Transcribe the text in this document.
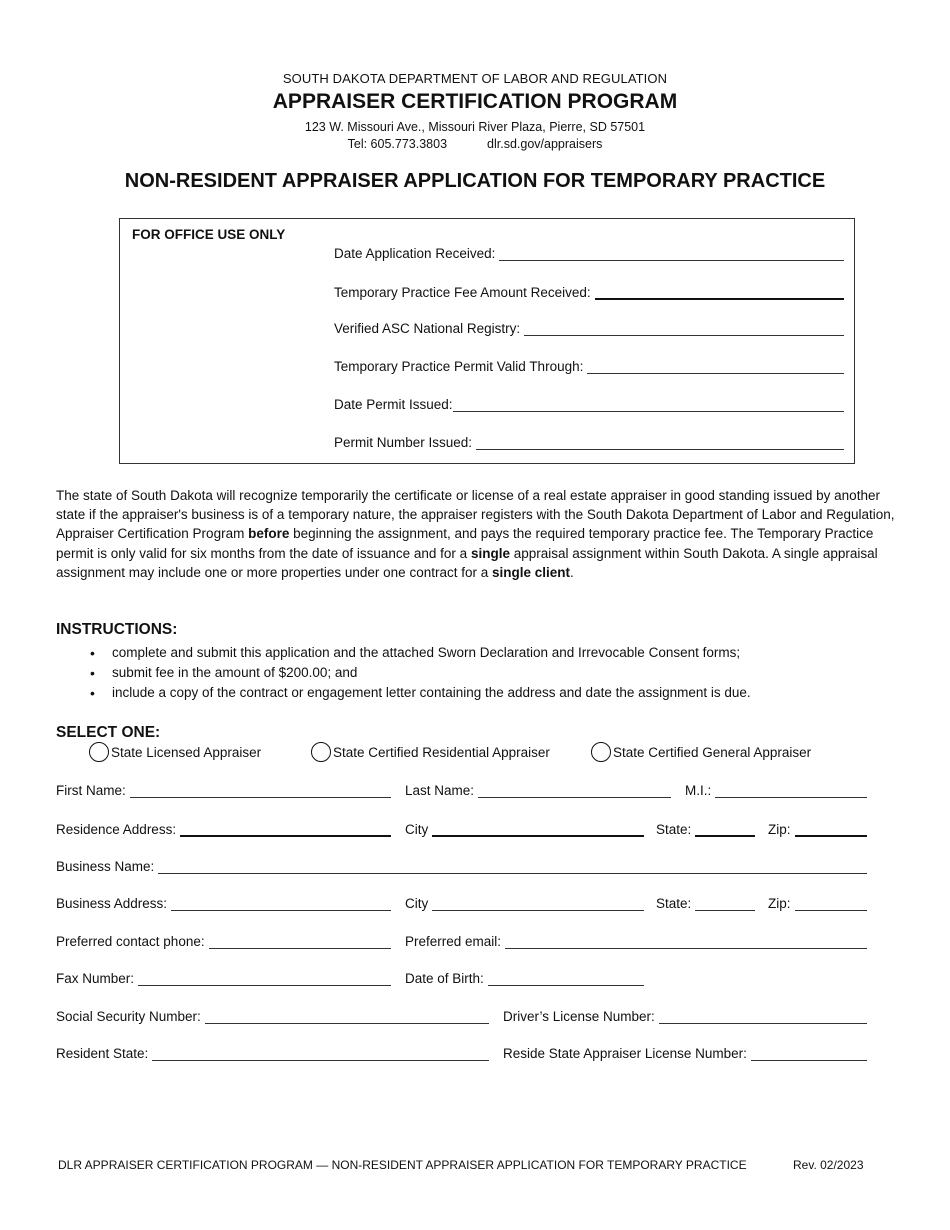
SOUTH DAKOTA DEPARTMENT OF LABOR AND REGULATION
APPRAISER CERTIFICATION PROGRAM
123 W. Missouri Ave., Missouri River Plaza, Pierre, SD 57501
Tel: 605.773.3803	dlr.sd.gov/appraisers
NON-RESIDENT APPRAISER APPLICATION FOR TEMPORARY PRACTICE
FOR OFFICE USE ONLY
Date Application Received:
Temporary Practice Fee Amount Received:
Verified ASC National Registry:
Temporary Practice Permit Valid Through:
Date Permit Issued:
Permit Number Issued:
The state of South Dakota will recognize temporarily the certificate or license of a real estate appraiser in good standing issued by another state if the appraiser's business is of a temporary nature, the appraiser registers with the South Dakota Department of Labor and Regulation, Appraiser Certification Program before beginning the assignment, and pays the required temporary practice fee. The Temporary Practice permit is only valid for six months from the date of issuance and for a single appraisal assignment within South Dakota. A single appraisal assignment may include one or more properties under one contract for a single client.
INSTRUCTIONS:
• complete and submit this application and the attached Sworn Declaration and Irrevocable Consent forms;
• submit fee in the amount of $200.00; and
• include a copy of the contract or engagement letter containing the address and date the assignment is due.
SELECT ONE:
State Licensed Appraiser	State Certified Residential Appraiser	State Certified General Appraiser
First Name:	Last Name:	M.I.:
Residence Address:	City	State:	Zip:
Business Name:
Business Address:	City	State:	Zip:
Preferred contact phone:	Preferred email:
Fax Number:	Date of Birth:
Social Security Number:	Driver’s License Number:
Resident State:	Reside State Appraiser License Number:
DLR APPRAISER CERTIFICATION PROGRAM — NON-RESIDENT APPRAISER APPLICATION FOR TEMPORARY PRACTICE	Rev. 02/2023
